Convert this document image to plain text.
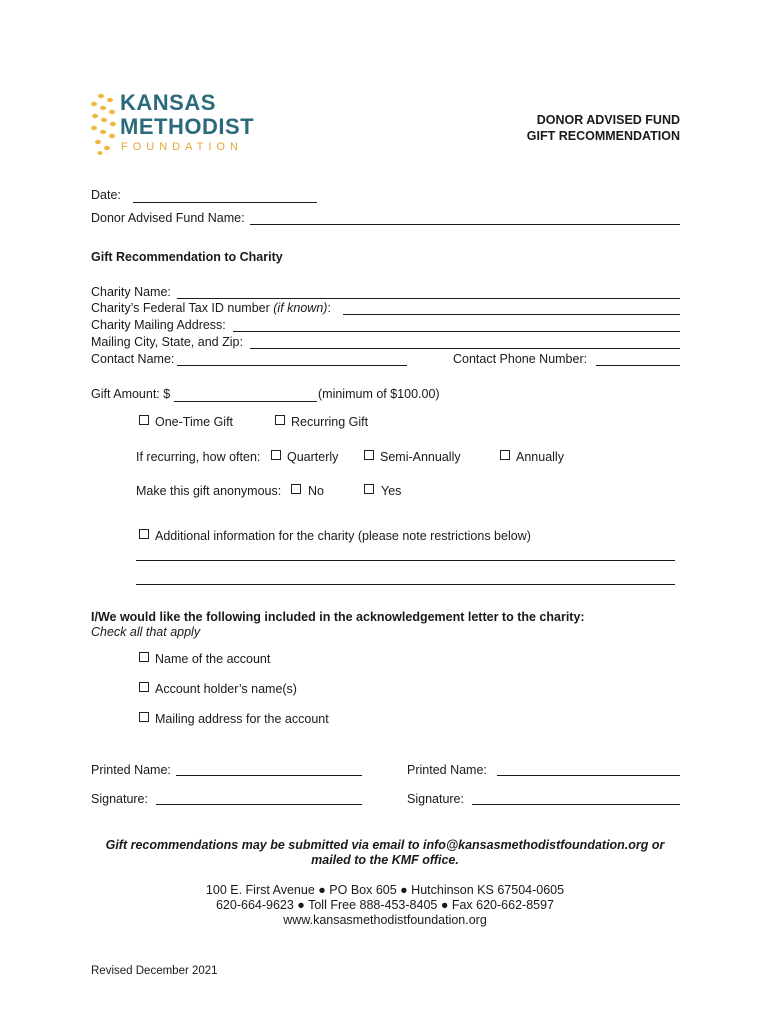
KANSAS
METHODIST
FOUNDATION
DONOR ADVISED FUND
GIFT RECOMMENDATION
Date:
Donor Advised Fund Name:
Gift Recommendation to Charity
Charity Name:
Charity’s Federal Tax ID number (if known):
Charity Mailing Address:
Mailing City, State, and Zip:
Contact Name:	Contact Phone Number:
Gift Amount: $	(minimum of $100.00)
One-Time Gift	Recurring Gift
If recurring, how often: Quarterly	Semi-Annually	Annually
Make this gift anonymous: No	Yes
Additional information for the charity (please note restrictions below)
I/We would like the following included in the acknowledgement letter to the charity:
Check all that apply
Name of the account
Account holder’s name(s)
Mailing address for the account
Printed Name:	Printed Name:
Signature:	Signature:
Gift recommendations may be submitted via email to info@kansasmethodistfoundation.org or
mailed to the KMF office.
100 E. First Avenue ● PO Box 605 ● Hutchinson KS 67504-0605
620-664-9623 ● Toll Free 888-453-8405 ● Fax 620-662-8597
www.kansasmethodistfoundation.org
Revised December 2021
